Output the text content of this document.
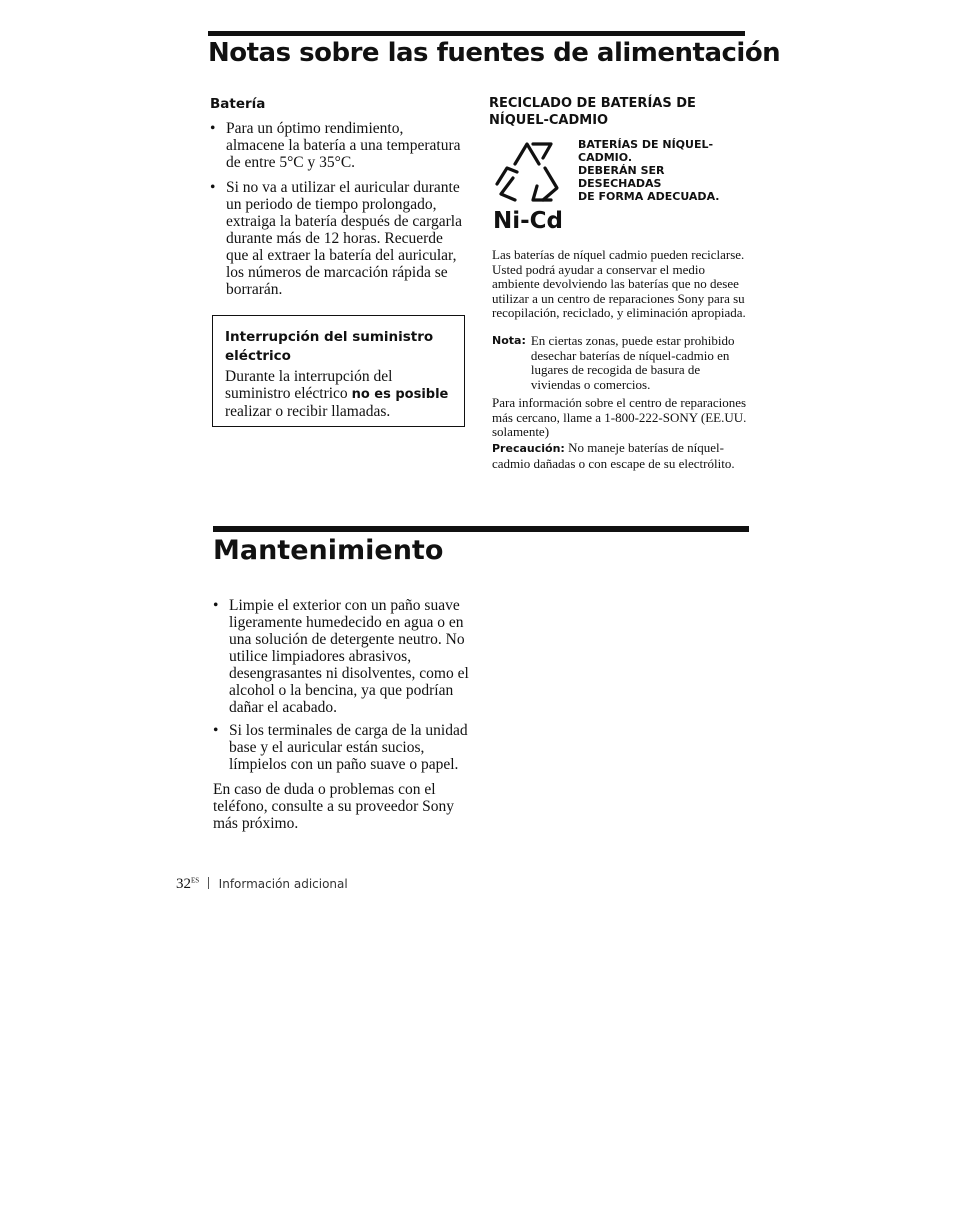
Notas sobre las fuentes de alimentación
Batería
• Para un óptimo rendimiento, almacene la batería a una temperatura de entre 5°C y 35°C.
• Si no va a utilizar el auricular durante un periodo de tiempo prolongado, extraiga la batería después de cargarla durante más de 12 horas. Recuerde que al extraer la batería del auricular, los números de marcación rápida se borrarán.
Interrupción del suministro eléctrico
Durante la interrupción del suministro eléctrico no es posible realizar o recibir llamadas.
RECICLADO DE BATERÍAS DE NÍQUEL-CADMIO
BATERÍAS DE NÍQUEL-
CADMIO.
DEBERÁN SER DESECHADAS
DE FORMA ADECUADA.
Ni-Cd
Las baterías de níquel cadmio pueden reciclarse. Usted podrá ayudar a conservar el medio ambiente devolviendo las baterías que no desee utilizar a un centro de reparaciones Sony para su recopilación, reciclado, y eliminación apropiada.
Nota: En ciertas zonas, puede estar prohibido desechar baterías de níquel-cadmio en lugares de recogida de basura de viviendas o comercios.
Para información sobre el centro de reparaciones más cercano, llame a 1-800-222-SONY (EE.UU. solamente)
Precaución: No maneje baterías de níquel-cadmio dañadas o con escape de su electrólito.
Mantenimiento
• Limpie el exterior con un paño suave ligeramente humedecido en agua o en una solución de detergente neutro. No utilice limpiadores abrasivos, desengrasantes ni disolventes, como el alcohol o la bencina, ya que podrían dañar el acabado.
• Si los terminales de carga de la unidad base y el auricular están sucios, límpielos con un paño suave o papel.
En caso de duda o problemas con el teléfono, consulte a su proveedor Sony más próximo.
$32^{ES}$ Información adicional
